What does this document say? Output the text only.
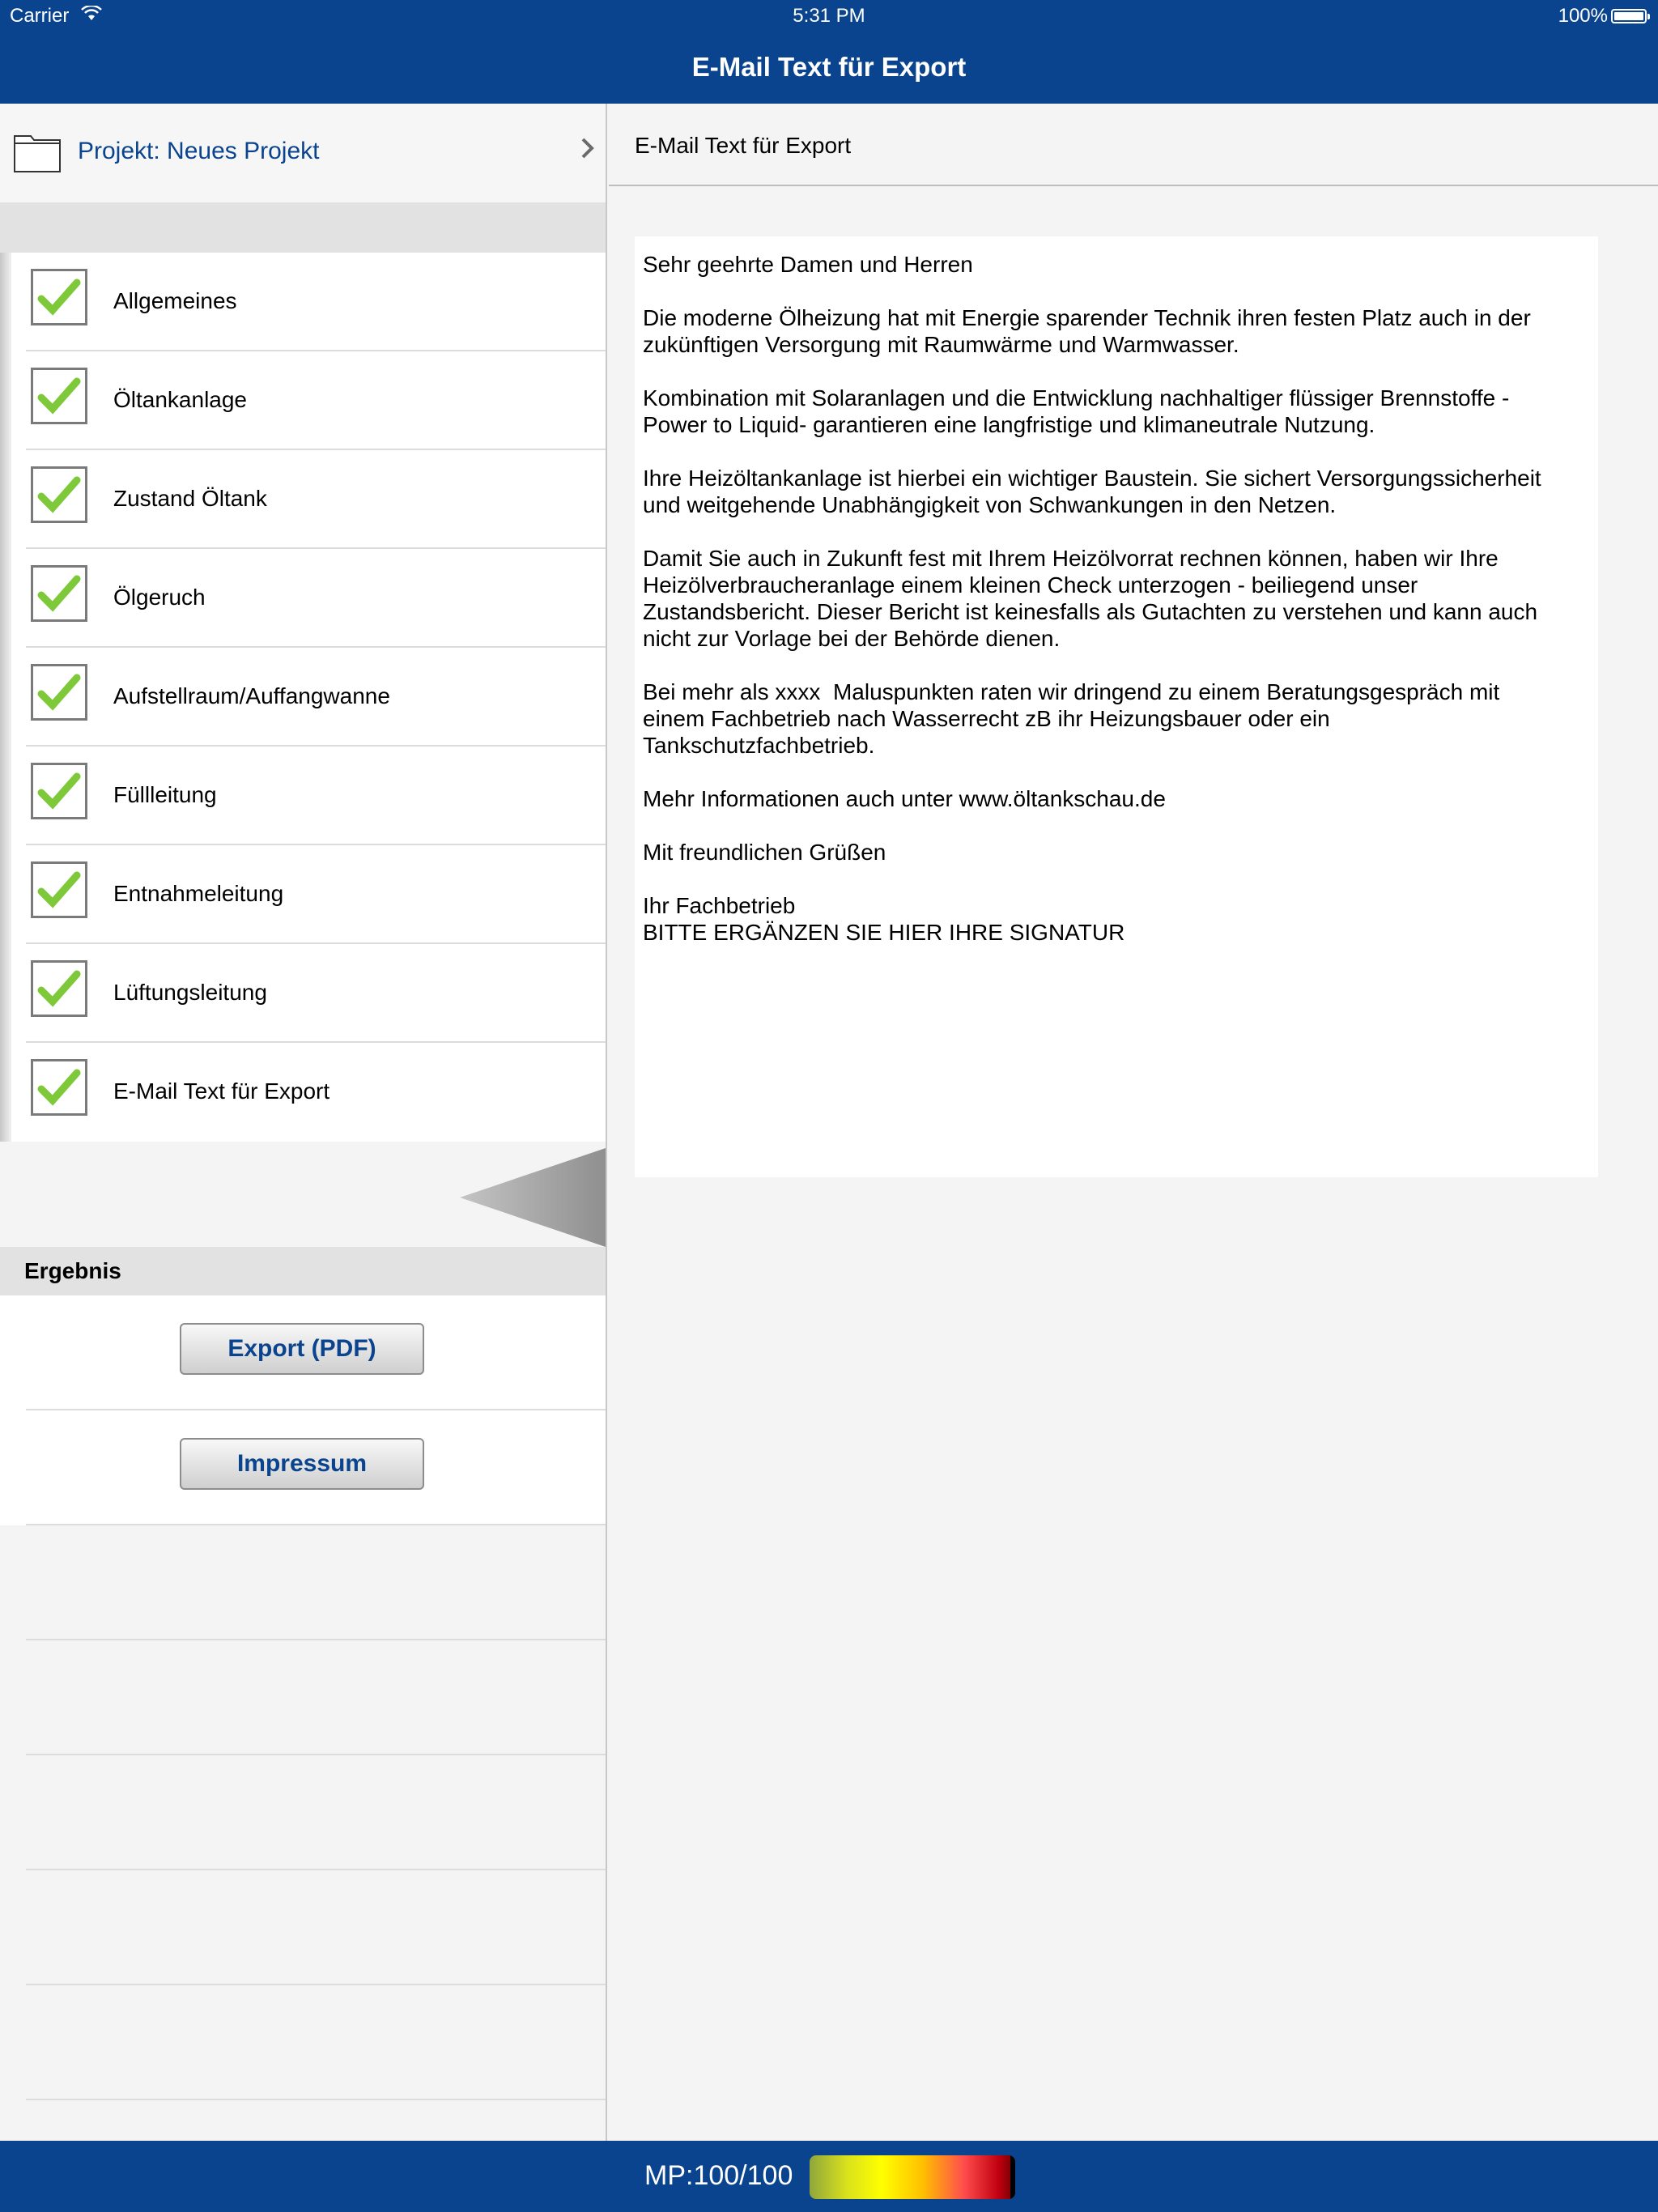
Carrier	5:31 PM	100%
E-Mail Text für Export
Projekt: Neues Projekt
Allgemeines
Öltankanlage
Zustand Öltank
Ölgeruch
Aufstellraum/Auffangwanne
Füllleitung
Entnahmeleitung
Lüftungsleitung
E-Mail Text für Export
Ergebnis
Export (PDF)
Impressum
E-Mail Text für Export
Sehr geehrte Damen und Herren

Die moderne Ölheizung hat mit Energie sparender Technik ihren festen Platz auch in der
zukünftigen Versorgung mit Raumwärme und Warmwasser.

Kombination mit Solaranlagen und die Entwicklung nachhaltiger flüssiger Brennstoffe -
Power to Liquid- garantieren eine langfristige und klimaneutrale Nutzung.

Ihre Heizöltankanlage ist hierbei ein wichtiger Baustein. Sie sichert Versorgungssicherheit
und weitgehende Unabhängigkeit von Schwankungen in den Netzen.

Damit Sie auch in Zukunft fest mit Ihrem Heizölvorrat rechnen können, haben wir Ihre
Heizölverbraucheranlage einem kleinen Check unterzogen - beiliegend unser
Zustandsbericht. Dieser Bericht ist keinesfalls als Gutachten zu verstehen und kann auch
nicht zur Vorlage bei der Behörde dienen.

Bei mehr als xxxx  Maluspunkten raten wir dringend zu einem Beratungsgespräch mit
einem Fachbetrieb nach Wasserrecht zB ihr Heizungsbauer oder ein
Tankschutzfachbetrieb.

Mehr Informationen auch unter www.öltankschau.de

Mit freundlichen Grüßen

Ihr Fachbetrieb
BITTE ERGÄNZEN SIE HIER IHRE SIGNATUR
MP:100/100
